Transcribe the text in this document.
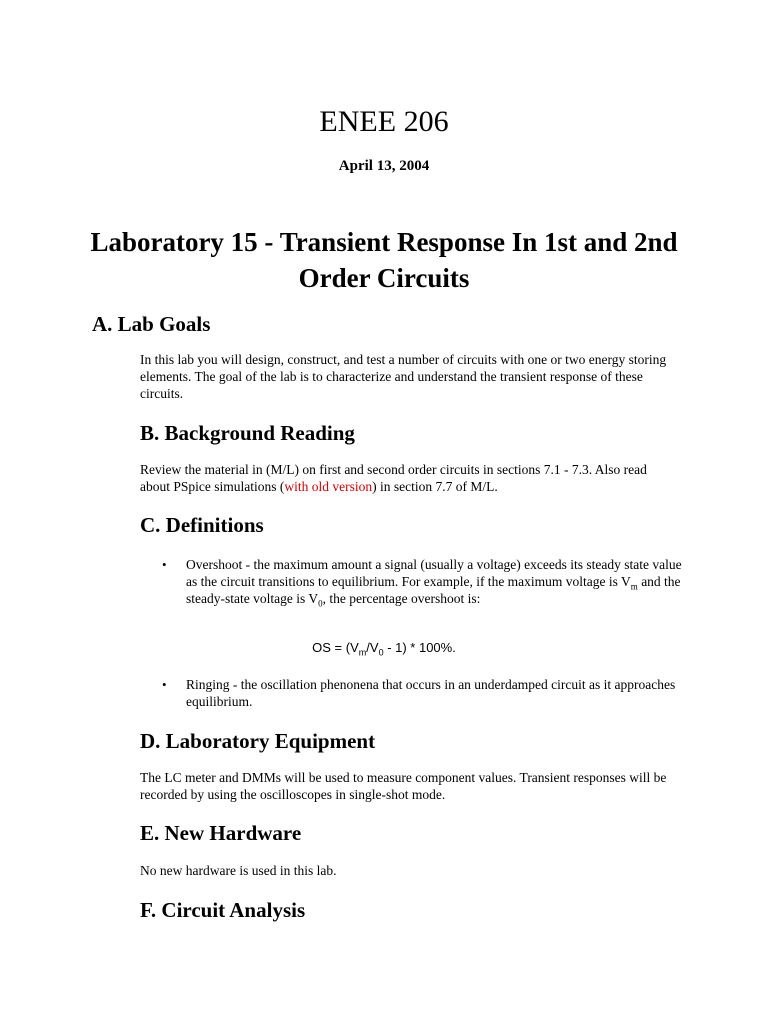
ENEE 206
April 13, 2004
Laboratory 15 - Transient Response In 1st and 2nd Order Circuits
A. Lab Goals

In this lab you will design, construct, and test a number of circuits with one or two energy storing elements. The goal of the lab is to characterize and understand the transient response of these circuits.

B. Background Reading

Review the material in (M/L) on first and second order circuits in sections 7.1 - 7.3. Also read about PSpice simulations (with old version) in section 7.7 of M/L.

C. Definitions
• Overshoot - the maximum amount a signal (usually a voltage) exceeds its steady state value as the circuit transitions to equilibrium. For example, if the maximum voltage is $V_m$ and the steady-state voltage is $V_0$, the percentage overshoot is:
OS = $(V_m/V_0 - 1) * 100\%$.
• Ringing - the oscillation phenonena that occurs in an underdamped circuit as it approaches equilibrium.
D. Laboratory Equipment

The LC meter and DMMs will be used to measure component values. Transient responses will be recorded by using the oscilloscopes in single-shot mode.

E. New Hardware

No new hardware is used in this lab.

F. Circuit Analysis
